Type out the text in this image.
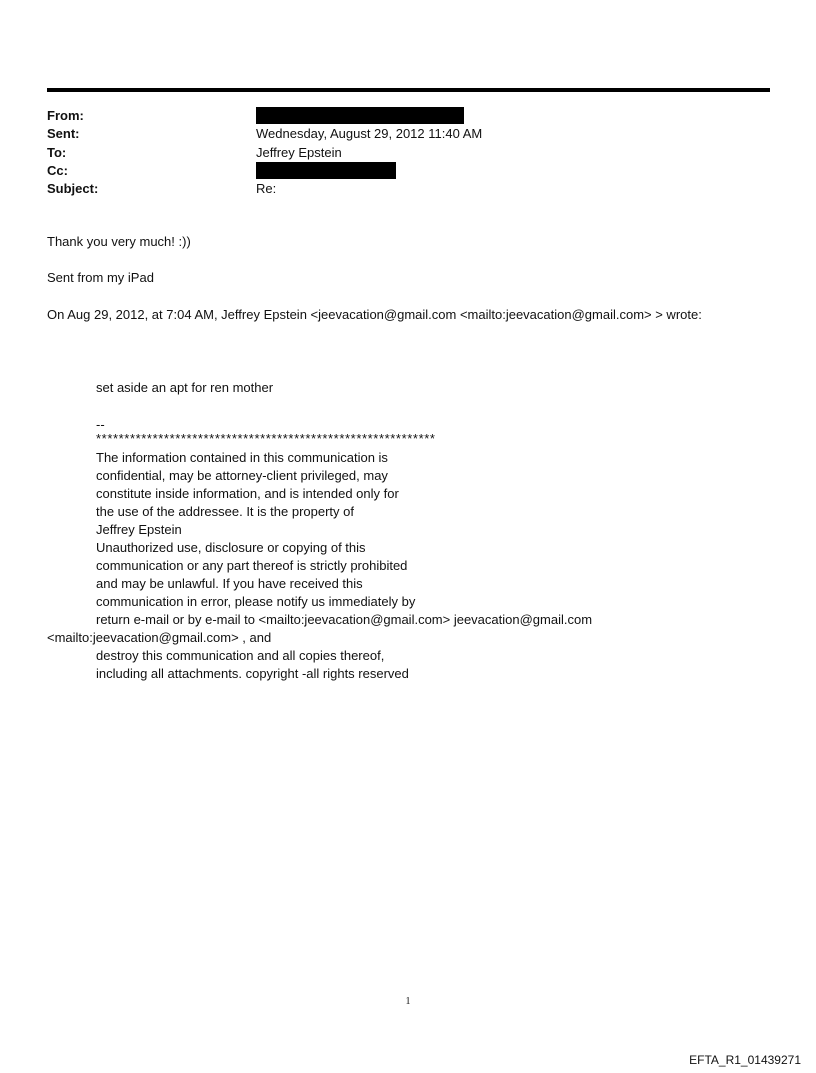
From:
Sent:
To:
Cc:
Subject:
Wednesday, August 29, 2012 11:40 AM
Jeffrey Epstein
Re:
Thank you very much! :))
Sent from my iPad
On Aug 29, 2012, at 7:04 AM, Jeffrey Epstein <jeevacation@gmail.com <mailto:jeevacation@gmail.com> > wrote:
set aside an apt for ren mother
--
************************************************************
The information contained in this communication is
confidential, may be attorney-client privileged, may
constitute inside information, and is intended only for
the use of the addressee. It is the property of
Jeffrey Epstein
Unauthorized use, disclosure or copying of this
communication or any part thereof is strictly prohibited
and may be unlawful. If you have received this
communication in error, please notify us immediately by
return e-mail or by e-mail to <mailto:jeevacation@gmail.com> jeevacation@gmail.com
<mailto:jeevacation@gmail.com> , and
destroy this communication and all copies thereof,
including all attachments. copyright -all rights reserved
1
EFTA_R1_01439271
